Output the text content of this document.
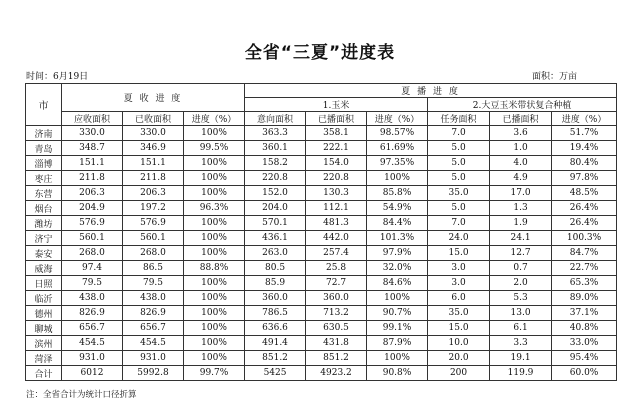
全省“三夏”进度表
时间：6月19日	面积：万亩
市	夏 收 进 度			夏 播 进 度					
				1.玉米			2.大豆玉米带状复合种植		
	应收面积	已收面积	进度（%）	意向面积	已播面积	进度（%）	任务面积	已播面积	进度（%）
济南	330.0	330.0	100%	363.3	358.1	98.57%	7.0	3.6	51.7%
青岛	348.7	346.9	99.5%	360.1	222.1	61.69%	5.0	1.0	19.4%
淄博	151.1	151.1	100%	158.2	154.0	97.35%	5.0	4.0	80.4%
枣庄	211.8	211.8	100%	220.8	220.8	100%	5.0	4.9	97.8%
东营	206.3	206.3	100%	152.0	130.3	85.8%	35.0	17.0	48.5%
烟台	204.9	197.2	96.3%	204.0	112.1	54.9%	5.0	1.3	26.4%
潍坊	576.9	576.9	100%	570.1	481.3	84.4%	7.0	1.9	26.4%
济宁	560.1	560.1	100%	436.1	442.0	101.3%	24.0	24.1	100.3%
泰安	268.0	268.0	100%	263.0	257.4	97.9%	15.0	12.7	84.7%
威海	97.4	86.5	88.8%	80.5	25.8	32.0%	3.0	0.7	22.7%
日照	79.5	79.5	100%	85.9	72.7	84.6%	3.0	2.0	65.3%
临沂	438.0	438.0	100%	360.0	360.0	100%	6.0	5.3	89.0%
德州	826.9	826.9	100%	786.5	713.2	90.7%	35.0	13.0	37.1%
聊城	656.7	656.7	100%	636.6	630.5	99.1%	15.0	6.1	40.8%
滨州	454.5	454.5	100%	491.4	431.8	87.9%	10.0	3.3	33.0%
菏泽	931.0	931.0	100%	851.2	851.2	100%	20.0	19.1	95.4%
合计	6012	5992.8	99.7%	5425	4923.2	90.8%	200	119.9	60.0%
注：全省合计为统计口径折算
